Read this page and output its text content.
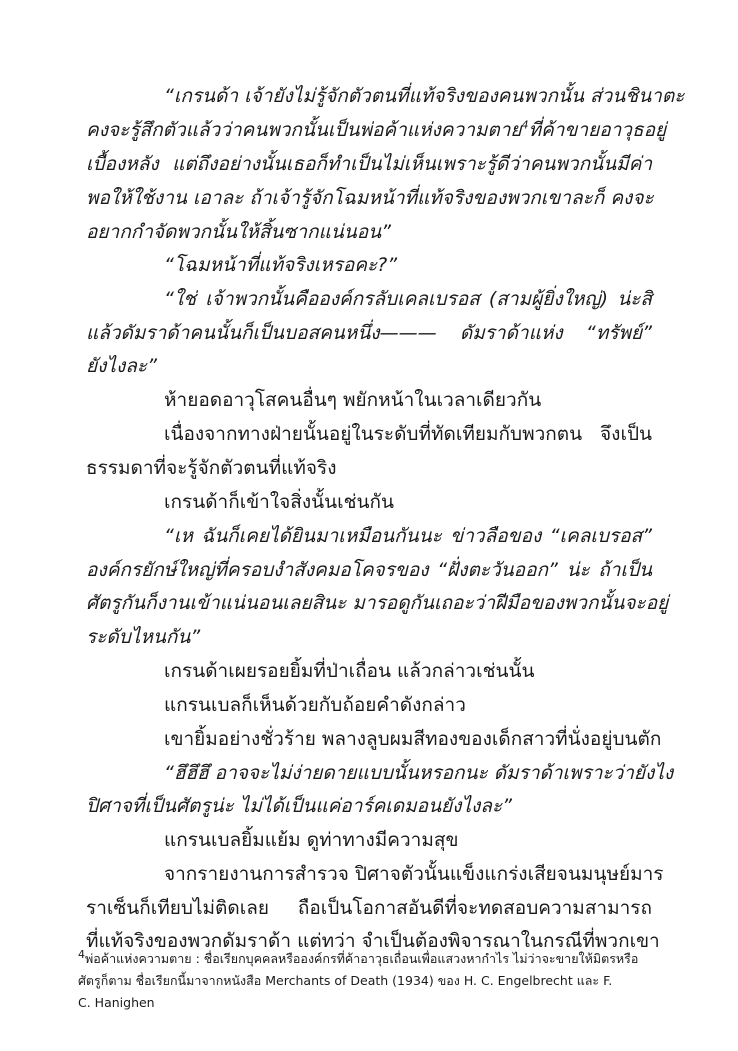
“เกรนด้า เจ้ายังไม่รู้จักตัวตนที่แท้จริงของคนพวกนั้น ส่วนชินาตะ
คงจะรู้สึกตัวแล้วว่าคนพวกนั้นเป็นพ่อค้าแห่งความตาย$^4$ที่ค้าขายอาวุธอยู่
เบื้องหลัง แต่ถึงอย่างนั้นเธอก็ทำเป็นไม่เห็นเพราะรู้ดีว่าคนพวกนั้นมีค่า
พอให้ใช้งาน เอาละ ถ้าเจ้ารู้จักโฉมหน้าที่แท้จริงของพวกเขาละก็ คงจะ
อยากกำจัดพวกนั้นให้สิ้นซากแน่นอน”
“โฉมหน้าที่แท้จริงเหรอคะ?”
“ใช่ เจ้าพวกนั้นคือองค์กรลับเคลเบรอส (สามผู้ยิ่งใหญ่) น่ะสิ
แล้วดัมราด้าคนนั้นก็เป็นบอสคนหนึ่ง——— ดัมราด้าแห่ง “ทรัพย์”
ยังไงละ”
ห้ายอดอาวุโสคนอื่นๆ พยักหน้าในเวลาเดียวกัน
เนื่องจากทางฝ่ายนั้นอยู่ในระดับที่ทัดเทียมกับพวกตน จึงเป็น
ธรรมดาที่จะรู้จักตัวตนที่แท้จริง
เกรนด้าก็เข้าใจสิ่งนั้นเช่นกัน
“เห ฉันก็เคยได้ยินมาเหมือนกันนะ ข่าวลือของ “เคลเบรอส”
องค์กรยักษ์ใหญ่ที่ครอบงำสังคมอโคจรของ “ฝั่งตะวันออก” น่ะ ถ้าเป็น
ศัตรูกันก็งานเข้าแน่นอนเลยสินะ มารอดูกันเถอะว่าฝีมือของพวกนั้นจะอยู่
ระดับไหนกัน”
เกรนด้าเผยรอยยิ้มที่ป่าเถื่อน แล้วกล่าวเช่นนั้น
แกรนเบลก็เห็นด้วยกับถ้อยคำดังกล่าว
เขายิ้มอย่างชั่วร้าย พลางลูบผมสีทองของเด็กสาวที่นั่งอยู่บนตัก
“ฮึฮึฮึ อาจจะไม่ง่ายดายแบบนั้นหรอกนะ ดัมราด้าเพราะว่ายังไง
ปิศาจที่เป็นศัตรูน่ะ ไม่ได้เป็นแค่อาร์คเดมอนยังไงละ”
แกรนเบลยิ้มแย้ม ดูท่าทางมีความสุข
จากรายงานการสำรวจ ปิศาจตัวนั้นแข็งแกร่งเสียจนมนุษย์มาร
ราเซ็นก็เทียบไม่ติดเลย ถือเป็นโอกาสอันดีที่จะทดสอบความสามารถ
ที่แท้จริงของพวกดัมราด้า แต่ทว่า จำเป็นต้องพิจารณาในกรณีที่พวกเขา
$^4$พ่อค้าแห่งความตาย : ชื่อเรียกบุคคลหรือองค์กรที่ค้าอาวุธเถื่อนเพื่อแสวงหากำไร ไม่ว่าจะขายให้มิตรหรือ
ศัตรูก็ตาม ชื่อเรียกนี้มาจากหนังสือ Merchants of Death (1934) ของ H. C. Engelbrecht และ F.
C. Hanighen
